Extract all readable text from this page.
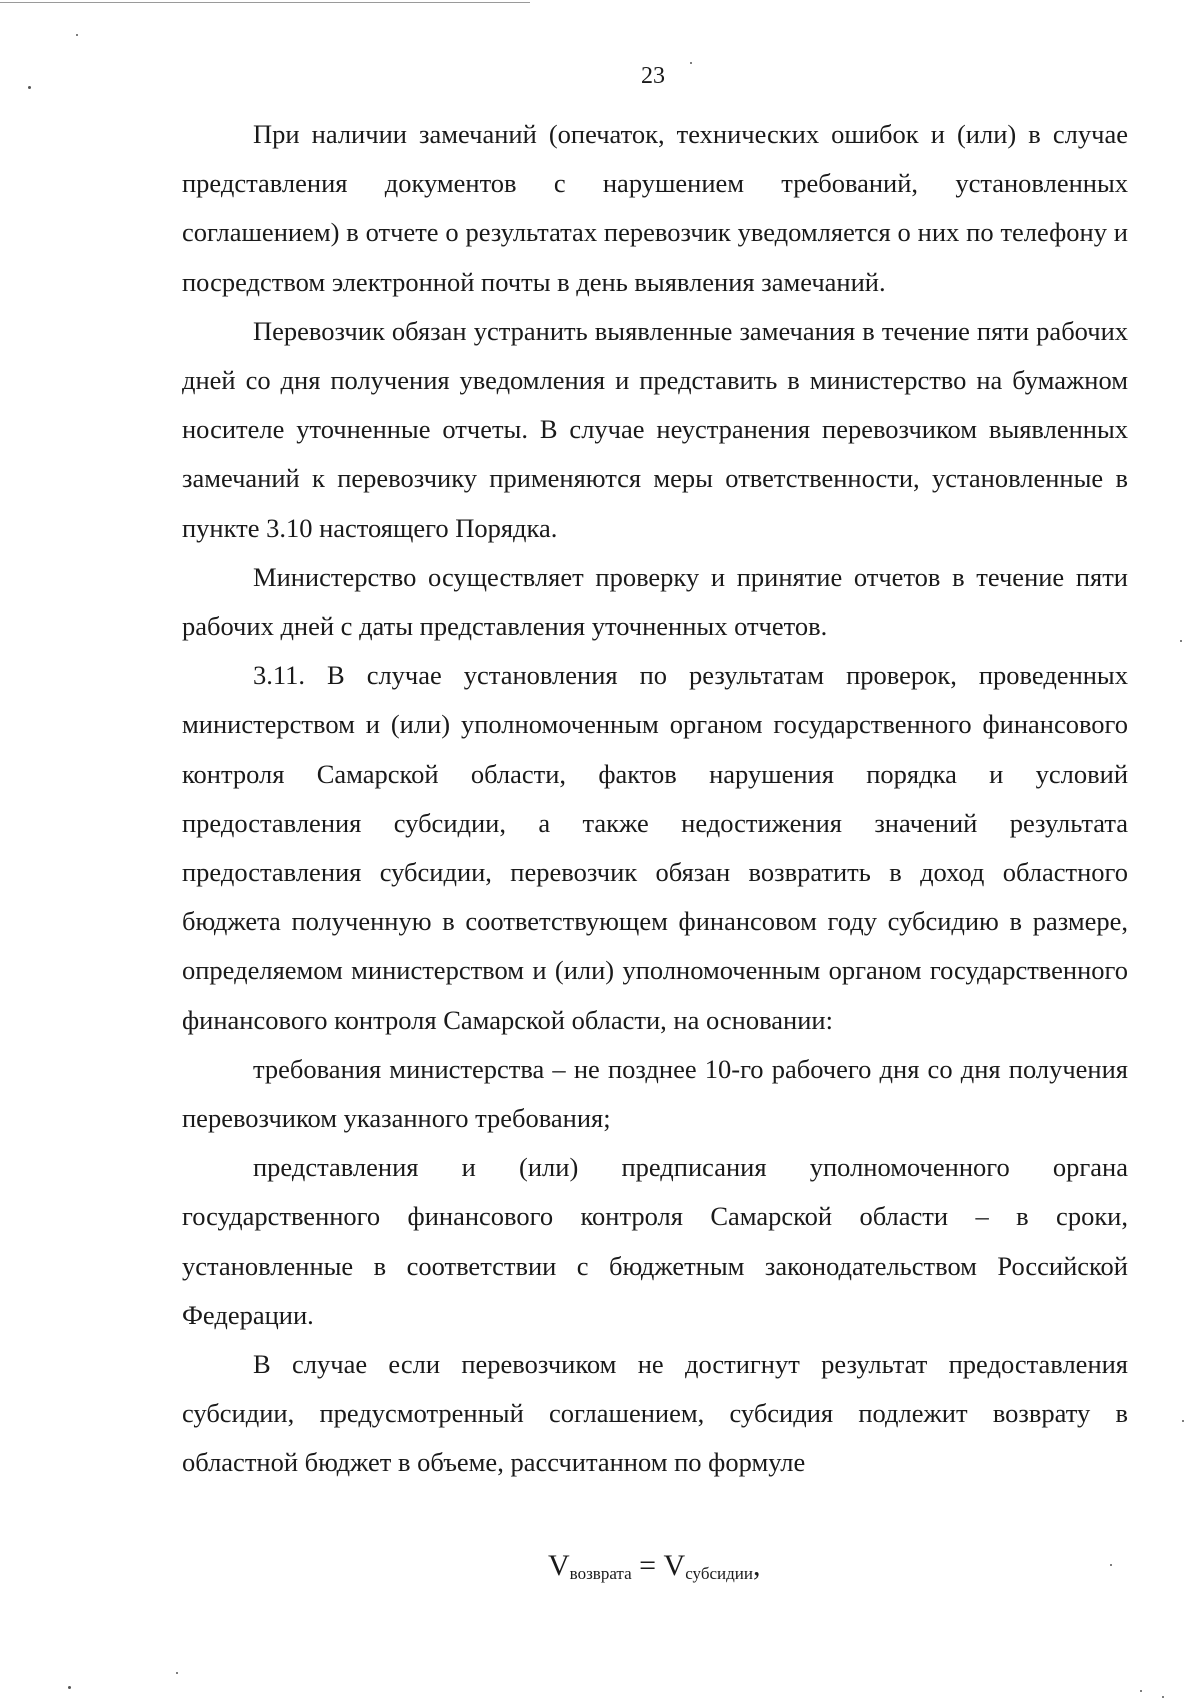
23

При наличии замечаний (опечаток, технических ошибок и (или) в случае представления документов с нарушением требований, установленных соглашением) в отчете о результатах перевозчик уведомляется о них по телефону и посредством электронной почты в день выявления замечаний.

Перевозчик обязан устранить выявленные замечания в течение пяти рабочих дней со дня получения уведомления и представить в министерство на бумажном носителе уточненные отчеты. В случае неустранения перевозчиком выявленных замечаний к перевозчику применяются меры ответственности, установленные в пункте 3.10 настоящего Порядка.

Министерство осуществляет проверку и принятие отчетов в течение пяти рабочих дней с даты представления уточненных отчетов.

3.11. В случае установления по результатам проверок, проведенных министерством и (или) уполномоченным органом государственного финансового контроля Самарской области, фактов нарушения порядка и условий предоставления субсидии, а также недостижения значений результата предоставления субсидии, перевозчик обязан возвратить в доход областного бюджета полученную в соответствующем финансовом году субсидию в размере, определяемом министерством и (или) уполномоченным органом государственного финансового контроля Самарской области, на основании:

требования министерства – не позднее 10-го рабочего дня со дня получения перевозчиком указанного требования;

представления и (или) предписания уполномоченного органа государственного финансового контроля Самарской области – в сроки, установленные в соответствии с бюджетным законодательством Российской Федерации.

В случае если перевозчиком не достигнут результат предоставления субсидии, предусмотренный соглашением, субсидия подлежит возврату в областной бюджет в объеме, рассчитанном по формуле

$V_{возврата} = V_{субсидии}$,
